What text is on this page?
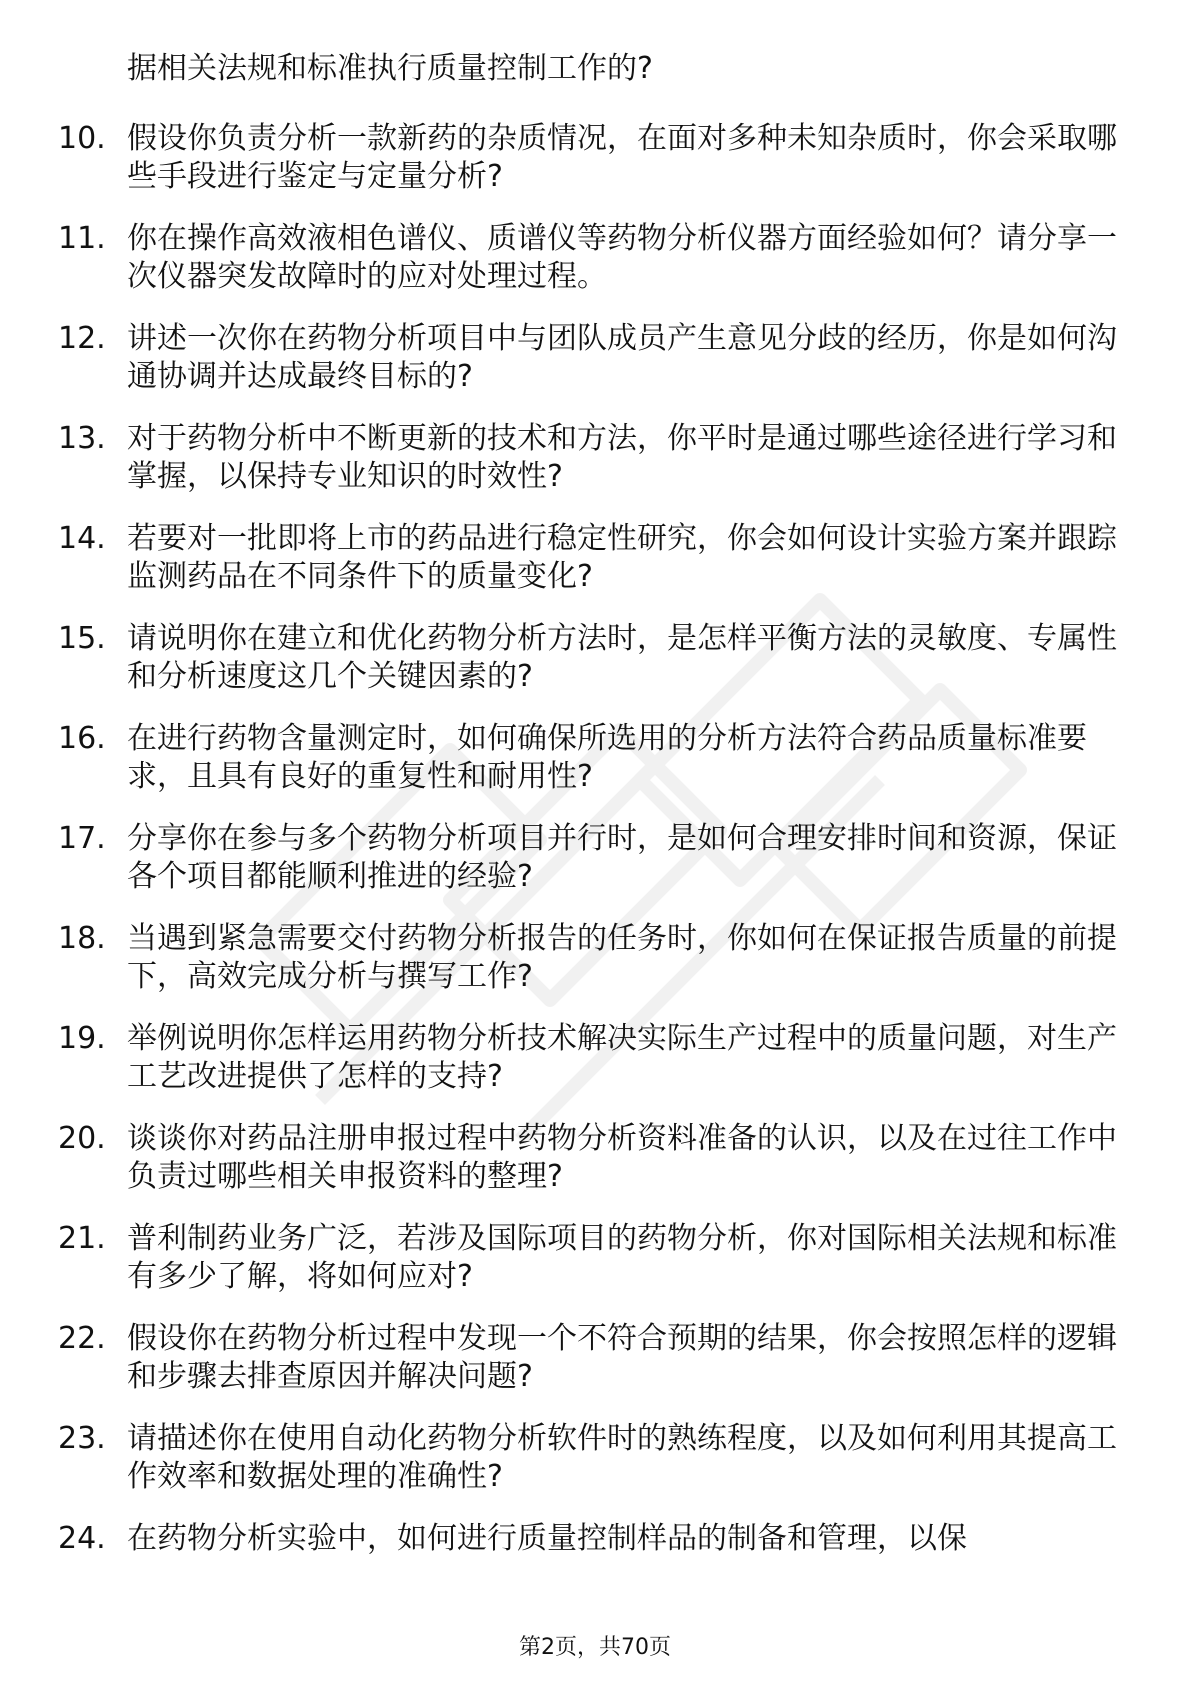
据相关法规和标准执行质量控制工作的?
10. 假设你负责分析一款新药的杂质情况，在面对多种未知杂质时，你会采取哪些手段进行鉴定与定量分析?
11. 你在操作高效液相色谱仪、质谱仪等药物分析仪器方面经验如何？请分享一次仪器突发故障时的应对处理过程。
12. 讲述一次你在药物分析项目中与团队成员产生意见分歧的经历，你是如何沟通协调并达成最终目标的?
13. 对于药物分析中不断更新的技术和方法，你平时是通过哪些途径进行学习和掌握，以保持专业知识的时效性?
14. 若要对一批即将上市的药品进行稳定性研究，你会如何设计实验方案并跟踪监测药品在不同条件下的质量变化?
15. 请说明你在建立和优化药物分析方法时，是怎样平衡方法的灵敏度、专属性和分析速度这几个关键因素的?
16. 在进行药物含量测定时，如何确保所选用的分析方法符合药品质量标准要求，且具有良好的重复性和耐用性?
17. 分享你在参与多个药物分析项目并行时，是如何合理安排时间和资源，保证各个项目都能顺利推进的经验?
18. 当遇到紧急需要交付药物分析报告的任务时，你如何在保证报告质量的前提下，高效完成分析与撰写工作?
19. 举例说明你怎样运用药物分析技术解决实际生产过程中的质量问题，对生产工艺改进提供了怎样的支持?
20. 谈谈你对药品注册申报过程中药物分析资料准备的认识，以及在过往工作中负责过哪些相关申报资料的整理?
21. 普利制药业务广泛，若涉及国际项目的药物分析，你对国际相关法规和标准有多少了解，将如何应对?
22. 假设你在药物分析过程中发现一个不符合预期的结果，你会按照怎样的逻辑和步骤去排查原因并解决问题?
23. 请描述你在使用自动化药物分析软件时的熟练程度，以及如何利用其提高工作效率和数据处理的准确性?
24. 在药物分析实验中，如何进行质量控制样品的制备和管理，以保
第2页，共70页
